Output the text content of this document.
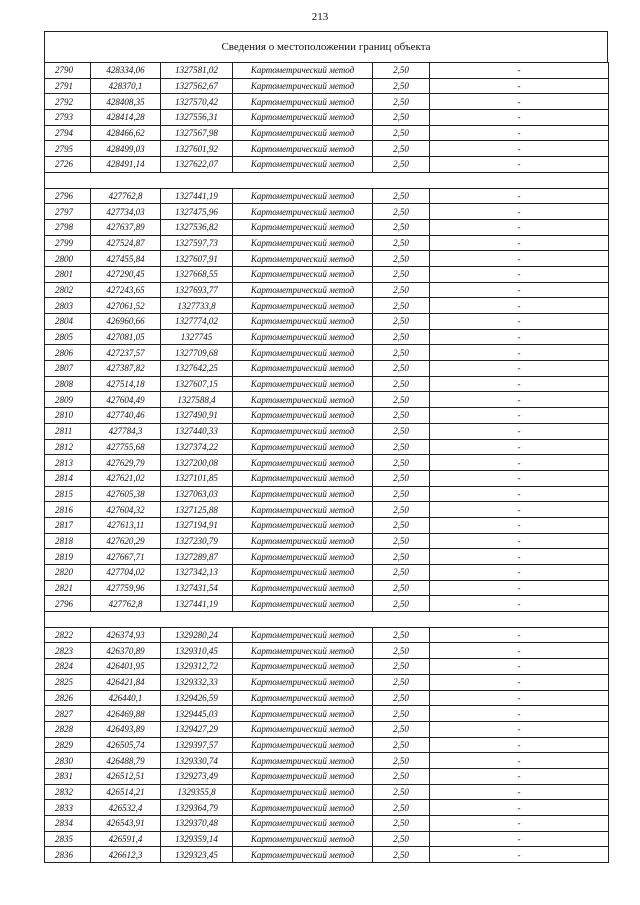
213
Сведения о местоположении границ объекта
2790	428334,06	1327581,02	Картометрический метод	2,50	-
2791	428370,1	1327562,67	Картометрический метод	2,50	-
2792	428408,35	1327570,42	Картометрический метод	2,50	-
2793	428414,28	1327556,31	Картометрический метод	2,50	-
2794	428466,62	1327567,98	Картометрический метод	2,50	-
2795	428499,03	1327601,92	Картометрический метод	2,50	-
2726	428491,14	1327622,07	Картометрический метод	2,50	-

2796	427762,8	1327441,19	Картометрический метод	2,50	-
2797	427734,03	1327475,96	Картометрический метод	2,50	-
2798	427637,89	1327536,82	Картометрический метод	2,50	-
2799	427524,87	1327597,73	Картометрический метод	2,50	-
2800	427455,84	1327607,91	Картометрический метод	2,50	-
2801	427290,45	1327668,55	Картометрический метод	2,50	-
2802	427243,65	1327693,77	Картометрический метод	2,50	-
2803	427061,52	1327733,8	Картометрический метод	2,50	-
2804	426960,66	1327774,02	Картометрический метод	2,50	-
2805	427081,05	1327745	Картометрический метод	2,50	-
2806	427237,57	1327709,68	Картометрический метод	2,50	-
2807	427387,82	1327642,25	Картометрический метод	2,50	-
2808	427514,18	1327607,15	Картометрический метод	2,50	-
2809	427604,49	1327588,4	Картометрический метод	2,50	-
2810	427740,46	1327490,91	Картометрический метод	2,50	-
2811	427784,3	1327440,33	Картометрический метод	2,50	-
2812	427755,68	1327374,22	Картометрический метод	2,50	-
2813	427629,79	1327200,08	Картометрический метод	2,50	-
2814	427621,02	1327101,85	Картометрический метод	2,50	-
2815	427605,38	1327063,03	Картометрический метод	2,50	-
2816	427604,32	1327125,88	Картометрический метод	2,50	-
2817	427613,11	1327194,91	Картометрический метод	2,50	-
2818	427620,29	1327230,79	Картометрический метод	2,50	-
2819	427667,71	1327289,87	Картометрический метод	2,50	-
2820	427704,02	1327342,13	Картометрический метод	2,50	-
2821	427759,96	1327431,54	Картометрический метод	2,50	-
2796	427762,8	1327441,19	Картометрический метод	2,50	-

2822	426374,93	1329280,24	Картометрический метод	2,50	-
2823	426370,89	1329310,45	Картометрический метод	2,50	-
2824	426401,95	1329312,72	Картометрический метод	2,50	-
2825	426421,84	1329332,33	Картометрический метод	2,50	-
2826	426440,1	1329426,59	Картометрический метод	2,50	-
2827	426469,88	1329445,03	Картометрический метод	2,50	-
2828	426493,89	1329427,29	Картометрический метод	2,50	-
2829	426505,74	1329397,57	Картометрический метод	2,50	-
2830	426488,79	1329330,74	Картометрический метод	2,50	-
2831	426512,51	1329273,49	Картометрический метод	2,50	-
2832	426514,21	1329355,8	Картометрический метод	2,50	-
2833	426532,4	1329364,79	Картометрический метод	2,50	-
2834	426543,91	1329370,48	Картометрический метод	2,50	-
2835	426591,4	1329359,14	Картометрический метод	2,50	-
2836	426612,3	1329323,45	Картометрический метод	2,50	-
